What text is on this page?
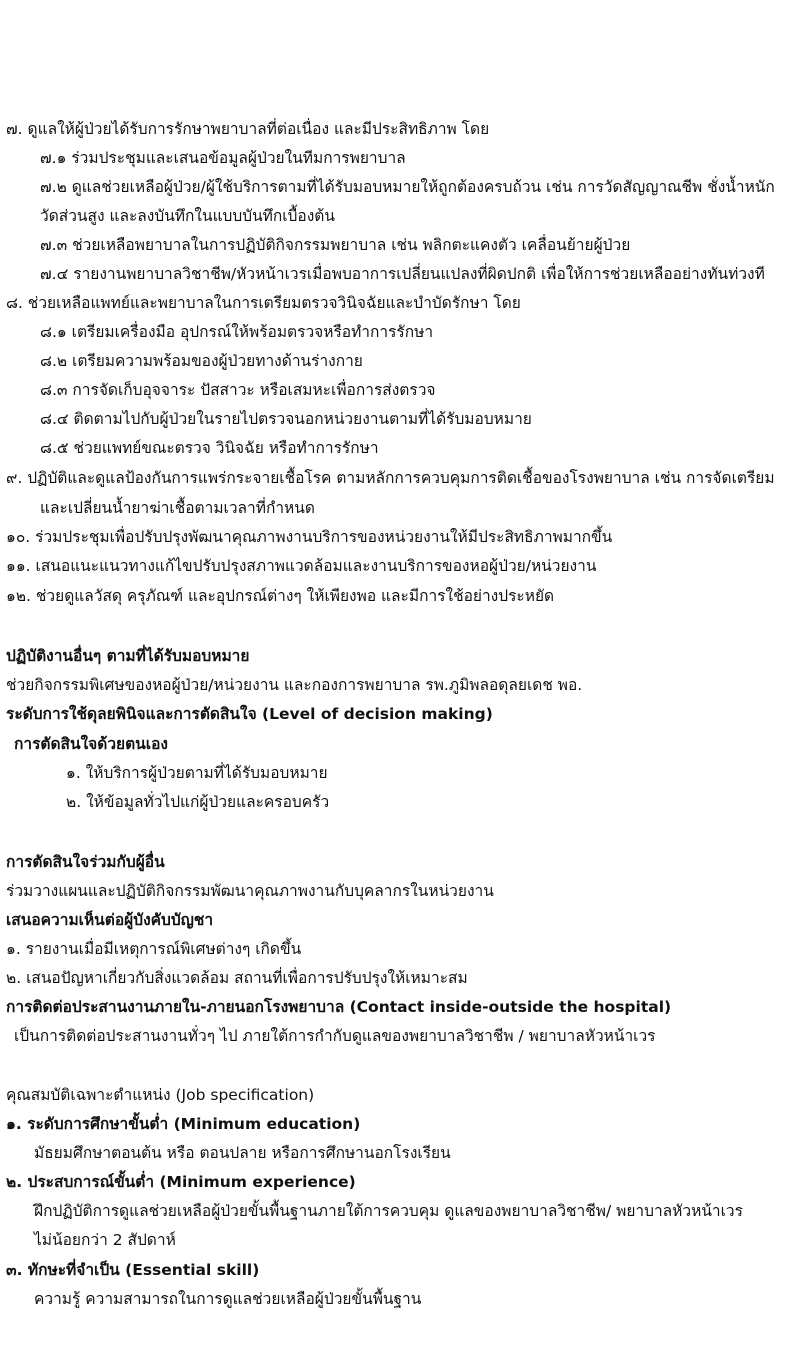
๗. ดูแลให้ผู้ป่วยได้รับการรักษาพยาบาลที่ต่อเนื่อง และมีประสิทธิภาพ โดย
๗.๑ ร่วมประชุมและเสนอข้อมูลผู้ป่วยในทีมการพยาบาล
๗.๒ ดูแลช่วยเหลือผู้ป่วย/ผู้ใช้บริการตามที่ได้รับมอบหมายให้ถูกต้องครบถ้วน เช่น การวัดสัญญาณชีพ ชั่งน้ำหนัก
วัดส่วนสูง และลงบันทึกในแบบบันทึกเบื้องต้น
๗.๓ ช่วยเหลือพยาบาลในการปฏิบัติกิจกรรมพยาบาล เช่น พลิกตะแคงตัว เคลื่อนย้ายผู้ป่วย
๗.๔ รายงานพยาบาลวิชาชีพ/หัวหน้าเวรเมื่อพบอาการเปลี่ยนแปลงที่ผิดปกติ เพื่อให้การช่วยเหลืออย่างทันท่วงที
๘. ช่วยเหลือแพทย์และพยาบาลในการเตรียมตรวจวินิจฉัยและบำบัดรักษา โดย
๘.๑ เตรียมเครื่องมือ อุปกรณ์ให้พร้อมตรวจหรือทำการรักษา
๘.๒ เตรียมความพร้อมของผู้ป่วยทางด้านร่างกาย
๘.๓ การจัดเก็บอุจจาระ ปัสสาวะ หรือเสมหะเพื่อการส่งตรวจ
๘.๔ ติดตามไปกับผู้ป่วยในรายไปตรวจนอกหน่วยงานตามที่ได้รับมอบหมาย
๘.๕ ช่วยแพทย์ขณะตรวจ วินิจฉัย หรือทำการรักษา
๙. ปฏิบัติและดูแลป้องกันการแพร่กระจายเชื้อโรค ตามหลักการควบคุมการติดเชื้อของโรงพยาบาล เช่น การจัดเตรียม
และเปลี่ยนน้ำยาฆ่าเชื้อตามเวลาที่กำหนด
๑๐. ร่วมประชุมเพื่อปรับปรุงพัฒนาคุณภาพงานบริการของหน่วยงานให้มีประสิทธิภาพมากขึ้น
๑๑. เสนอแนะแนวทางแก้ไขปรับปรุงสภาพแวดล้อมและงานบริการของหอผู้ป่วย/หน่วยงาน
๑๒. ช่วยดูแลวัสดุ ครุภัณฑ์ และอุปกรณ์ต่างๆ ให้เพียงพอ และมีการใช้อย่างประหยัด
ปฏิบัติงานอื่นๆ ตามที่ได้รับมอบหมาย
ช่วยกิจกรรมพิเศษของหอผู้ป่วย/หน่วยงาน และกองการพยาบาล รพ.ภูมิพลอดุลยเดช พอ.
ระดับการใช้ดุลยพินิจและการตัดสินใจ (Level of decision making)
การตัดสินใจด้วยตนเอง
๑. ให้บริการผู้ป่วยตามที่ได้รับมอบหมาย
๒. ให้ข้อมูลทั่วไปแก่ผู้ป่วยและครอบครัว
การตัดสินใจร่วมกับผู้อื่น
ร่วมวางแผนและปฏิบัติกิจกรรมพัฒนาคุณภาพงานกับบุคลากรในหน่วยงาน
เสนอความเห็นต่อผู้บังคับบัญชา
๑. รายงานเมื่อมีเหตุการณ์พิเศษต่างๆ เกิดขึ้น
๒. เสนอปัญหาเกี่ยวกับสิ่งแวดล้อม สถานที่เพื่อการปรับปรุงให้เหมาะสม
การติดต่อประสานงานภายใน-ภายนอกโรงพยาบาล (Contact inside-outside the hospital)
เป็นการติดต่อประสานงานทั่วๆ ไป ภายใต้การกำกับดูแลของพยาบาลวิชาชีพ / พยาบาลหัวหน้าเวร
คุณสมบัติเฉพาะตำแหน่ง (Job specification)
๑. ระดับการศึกษาขั้นต่ำ (Minimum education)
มัธยมศึกษาตอนต้น หรือ ตอนปลาย หรือการศึกษานอกโรงเรียน
๒. ประสบการณ์ขั้นต่ำ (Minimum experience)
ฝึกปฏิบัติการดูแลช่วยเหลือผู้ป่วยขั้นพื้นฐานภายใต้การควบคุม ดูแลของพยาบาลวิชาชีพ/ พยาบาลหัวหน้าเวร
ไม่น้อยกว่า 2 สัปดาห์
๓. ทักษะที่จำเป็น (Essential skill)
ความรู้ ความสามารถในการดูแลช่วยเหลือผู้ป่วยขั้นพื้นฐาน
